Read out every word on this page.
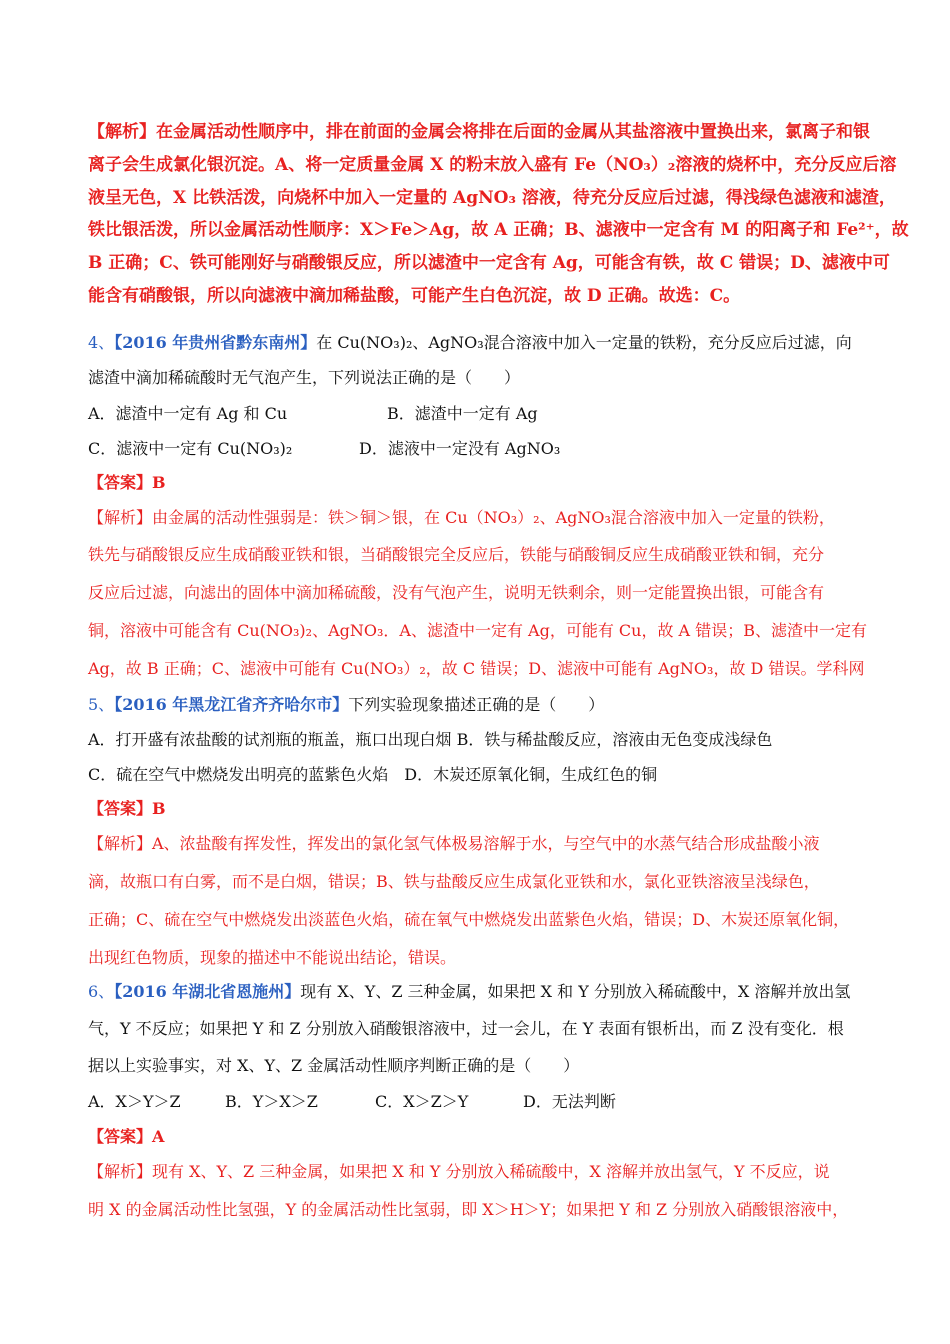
【解析】在金属活动性顺序中，排在前面的金属会将排在后面的金属从其盐溶液中置换出来，氯离子和银
离子会生成氯化银沉淀。A、将一定质量金属 X 的粉末放入盛有 Fe（NO₃）₂溶液的烧杯中，充分反应后溶
液呈无色，X 比铁活泼，向烧杯中加入一定量的 AgNO₃ 溶液，待充分反应后过滤，得浅绿色滤液和滤渣，
铁比银活泼，所以金属活动性顺序：X＞Fe＞Ag，故 A 正确；B、滤液中一定含有 M 的阳离子和 Fe²⁺，故
B 正确；C、铁可能刚好与硝酸银反应，所以滤渣中一定含有 Ag，可能含有铁，故 C 错误；D、滤液中可
能含有硝酸银，所以向滤液中滴加稀盐酸，可能产生白色沉淀，故 D 正确。故选：C。
4、【2016 年贵州省黔东南州】在 Cu(NO₃)₂、AgNO₃混合溶液中加入一定量的铁粉，充分反应后过滤，向
滤渣中滴加稀硫酸时无气泡产生，下列说法正确的是（　　）
A．滤渣中一定有 Ag 和 Cu	B．滤渣中一定有 Ag
C．滤液中一定有 Cu(NO₃)₂	D．滤液中一定没有 AgNO₃
【答案】B
【解析】由金属的活动性强弱是：铁＞铜＞银，在 Cu（NO₃）₂、AgNO₃混合溶液中加入一定量的铁粉，
铁先与硝酸银反应生成硝酸亚铁和银，当硝酸银完全反应后，铁能与硝酸铜反应生成硝酸亚铁和铜，充分
反应后过滤，向滤出的固体中滴加稀硫酸，没有气泡产生，说明无铁剩余，则一定能置换出银，可能含有
铜，溶液中可能含有 Cu(NO₃)₂、AgNO₃．A、滤渣中一定有 Ag，可能有 Cu，故 A 错误；B、滤渣中一定有
Ag，故 B 正确；C、滤液中可能有 Cu(NO₃）₂，故 C 错误；D、滤液中可能有 AgNO₃，故 D 错误。学科网
5、【2016 年黑龙江省齐齐哈尔市】下列实验现象描述正确的是（　　）
A．打开盛有浓盐酸的试剂瓶的瓶盖，瓶口出现白烟 B．铁与稀盐酸反应，溶液由无色变成浅绿色
C．硫在空气中燃烧发出明亮的蓝紫色火焰　D．木炭还原氧化铜，生成红色的铜
【答案】B
【解析】A、浓盐酸有挥发性，挥发出的氯化氢气体极易溶解于水，与空气中的水蒸气结合形成盐酸小液
滴，故瓶口有白雾，而不是白烟，错误；B、铁与盐酸反应生成氯化亚铁和水，氯化亚铁溶液呈浅绿色，
正确；C、硫在空气中燃烧发出淡蓝色火焰，硫在氧气中燃烧发出蓝紫色火焰，错误；D、木炭还原氧化铜，
出现红色物质，现象的描述中不能说出结论，错误。
6、【2016 年湖北省恩施州】现有 X、Y、Z 三种金属，如果把 X 和 Y 分别放入稀硫酸中，X 溶解并放出氢
气，Y 不反应；如果把 Y 和 Z 分别放入硝酸银溶液中，过一会儿，在 Y 表面有银析出，而 Z 没有变化．根
据以上实验事实，对 X、Y、Z 金属活动性顺序判断正确的是（　　）
A．X＞Y＞Z	B．Y＞X＞Z	C．X＞Z＞Y	D．无法判断
【答案】A
【解析】现有 X、Y、Z 三种金属，如果把 X 和 Y 分别放入稀硫酸中，X 溶解并放出氢气，Y 不反应，说
明 X 的金属活动性比氢强，Y 的金属活动性比氢弱，即 X＞H＞Y；如果把 Y 和 Z 分别放入硝酸银溶液中，
